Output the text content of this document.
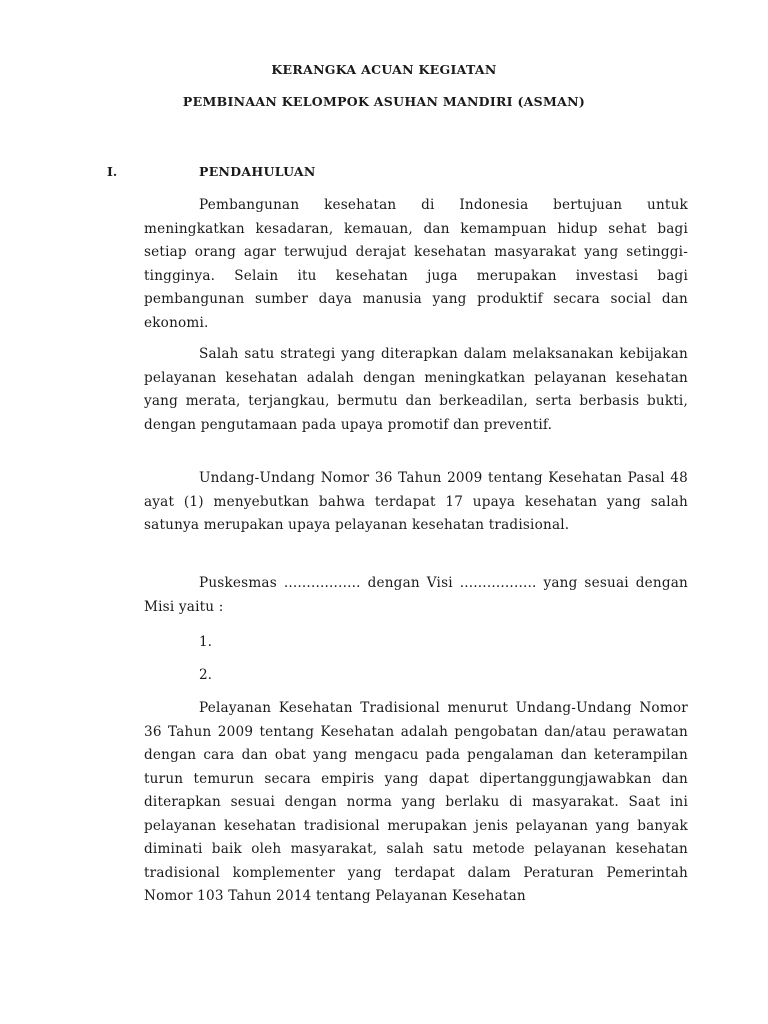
KERANGKA ACUAN KEGIATAN
PEMBINAAN KELOMPOK ASUHAN MANDIRI (ASMAN)
I.	PENDAHULUAN

Pembangunan kesehatan di Indonesia bertujuan untuk meningkatkan kesadaran, kemauan, dan kemampuan hidup sehat bagi setiap orang agar terwujud derajat kesehatan masyarakat yang setinggi-tingginya. Selain itu kesehatan juga merupakan investasi bagi pembangunan sumber daya manusia yang produktif secara social dan ekonomi.

Salah satu strategi yang diterapkan dalam melaksanakan kebijakan pelayanan kesehatan adalah dengan meningkatkan pelayanan kesehatan yang merata, terjangkau, bermutu dan berkeadilan, serta berbasis bukti, dengan pengutamaan pada upaya promotif dan preventif.

Undang-Undang Nomor 36 Tahun 2009 tentang Kesehatan Pasal 48 ayat (1) menyebutkan bahwa terdapat 17 upaya kesehatan yang salah satunya merupakan upaya pelayanan kesehatan tradisional.

Puskesmas ................. dengan Visi ................. yang sesuai dengan Misi yaitu :

1.
2.

Pelayanan Kesehatan Tradisional menurut Undang-Undang Nomor 36 Tahun 2009 tentang Kesehatan adalah pengobatan dan/atau perawatan dengan cara dan obat yang mengacu pada pengalaman dan keterampilan turun temurun secara empiris yang dapat dipertanggungjawabkan dan diterapkan sesuai dengan norma yang berlaku di masyarakat. Saat ini pelayanan kesehatan tradisional merupakan jenis pelayanan yang banyak diminati baik oleh masyarakat, salah satu metode pelayanan kesehatan tradisional komplementer yang terdapat dalam Peraturan Pemerintah Nomor 103 Tahun 2014 tentang Pelayanan Kesehatan
